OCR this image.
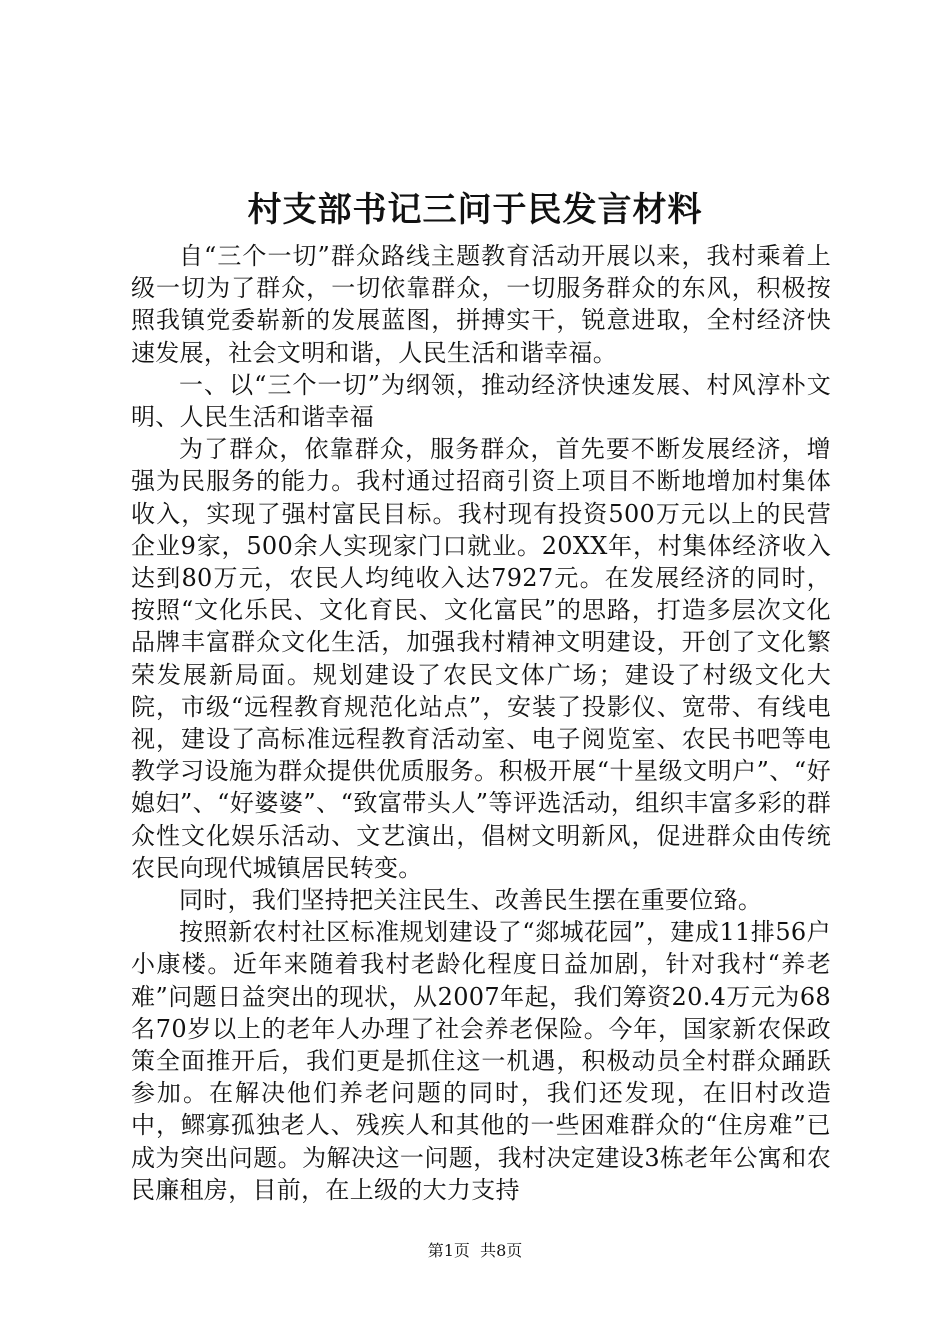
村支部书记三问于民发言材料

自“三个一切”群众路线主题教育活动开展以来，我村乘着上级一切为了群众，一切依靠群众，一切服务群众的东风，积极按照我镇党委崭新的发展蓝图，拼搏实干，锐意进取，全村经济快速发展，社会文明和谐，人民生活和谐幸福。

一、以“三个一切”为纲领，推动经济快速发展、村风淳朴文明、人民生活和谐幸福

为了群众，依靠群众，服务群众，首先要不断发展经济，增强为民服务的能力。我村通过招商引资上项目不断地增加村集体收入，实现了强村富民目标。我村现有投资500万元以上的民营企业9家，500余人实现家门口就业。20XX年，村集体经济收入达到80万元，农民人均纯收入达7927元。在发展经济的同时，按照“文化乐民、文化育民、文化富民”的思路，打造多层次文化品牌丰富群众文化生活，加强我村精神文明建设，开创了文化繁荣发展新局面。规划建设了农民文体广场；建设了村级文化大院，市级“远程教育规范化站点”，安装了投影仪、宽带、有线电视，建设了高标准远程教育活动室、电子阅览室、农民书吧等电教学习设施为群众提供优质服务。积极开展“十星级文明户”、“好媳妇”、“好婆婆”、“致富带头人”等评选活动，组织丰富多彩的群众性文化娱乐活动、文艺演出，倡树文明新风，促进群众由传统农民向现代城镇居民转变。

同时，我们坚持把关注民生、改善民生摆在重要位臵。

按照新农村社区标准规划建设了“郯城花园”，建成11排56户小康楼。近年来随着我村老龄化程度日益加剧，针对我村“养老难”问题日益突出的现状，从2007年起，我们筹资20.4万元为68名70岁以上的老年人办理了社会养老保险。今年，国家新农保政策全面推开后，我们更是抓住这一机遇，积极动员全村群众踊跃参加。在解决他们养老问题的同时，我们还发现，在旧村改造中，鳏寡孤独老人、残疾人和其他的一些困难群众的“住房难”已成为突出问题。为解决这一问题，我村决定建设3栋老年公寓和农民廉租房，目前，在上级的大力支持

第1页 共8页
